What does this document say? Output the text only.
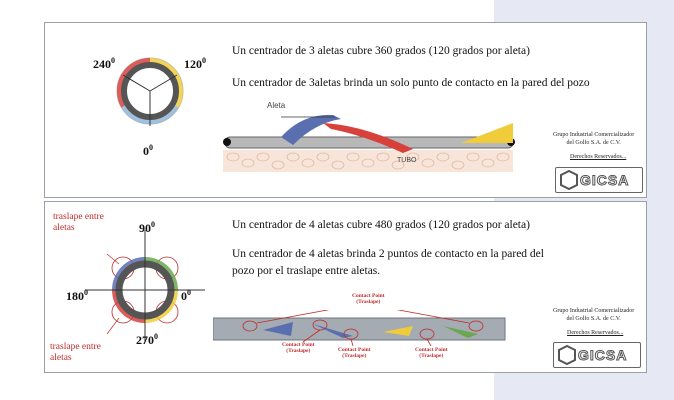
$240^0$	$120^0$
$0^0$
Un centrador de 3 aletas cubre 360 grados (120 grados por aleta)
Un centrador de 3aletas brinda un solo punto de contacto en la pared del pozo
Aleta
TUBO
Grupo Industrial Comercializador
del Golfo S.A. de C.V.
Derechos Reservados...
GICSA
traslape entre
aletas
traslape entre
aletas
$90^0$
$180^0$	$0^0$
$270^0$
Un centrador de 4 aletas cubre 480 grados (120 grados por aleta)
Un centrador de 4 aletas brinda 2 puntos de contacto en la pared del
pozo por el traslape entre aletas.
Contact Point
(Traslape)
Contact Point
(Traslape)	Contact Point
(Traslape)
Contact Point
(Traslape)
Grupo Industrial Comercializador
del Golfo S.A. de C.V.
Derechos Reservados...
GICSA
